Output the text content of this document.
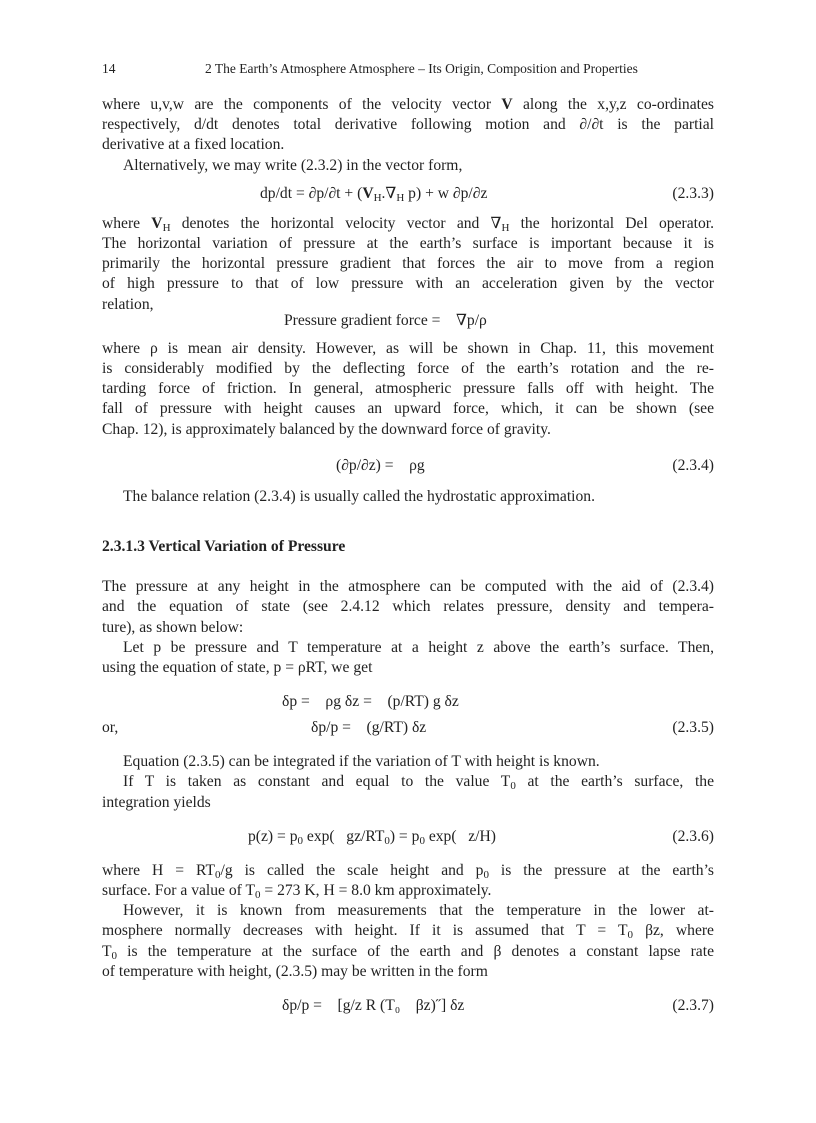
14	2 The Earth’s Atmosphere Atmosphere – Its Origin, Composition and Properties

where u,v,w are the components of the velocity vector V along the x,y,z co-ordinates
respectively, d/dt denotes total derivative following motion and ∂/∂t is the partial
derivative at a fixed location.

Alternatively, we may write (2.3.2) in the vector form,

$dp/dt = \partial p/\partial t + (V_H.\nabla_H$ p) + w ∂p/∂z	(2.3.3)

where $V_H$ denotes the horizontal velocity vector and $\nabla_H$ the horizontal Del operator.
The horizontal variation of pressure at the earth’s surface is important because it is
primarily the horizontal pressure gradient that forces the air to move from a region
of high pressure to that of low pressure with an acceleration given by the vector
relation,

Pressure gradient force =    ∇p/ρ

where ρ is mean air density. However, as will be shown in Chap. 11, this movement
is considerably modified by the deflecting force of the earth’s rotation and the re-
tarding force of friction. In general, atmospheric pressure falls off with height. The
fall of pressure with height causes an upward force, which, it can be shown (see
Chap. 12), is approximately balanced by the downward force of gravity.

(∂p/∂z) =    ρg	(2.3.4)

The balance relation (2.3.4) is usually called the hydrostatic approximation.

2.3.1.3 Vertical Variation of Pressure

The pressure at any height in the atmosphere can be computed with the aid of (2.3.4)
and the equation of state (see 2.4.12 which relates pressure, density and tempera-
ture), as shown below:

Let p be pressure and T temperature at a height z above the earth’s surface. Then,
using the equation of state, p = ρRT, we get

δp =    ρg δz =    (p/RT) g δz
or,	δp/p =    (g/RT) δz	(2.3.5)

Equation (2.3.5) can be integrated if the variation of T with height is known.

If T is taken as constant and equal to the value $T_0$ at the earth’s surface, the
integration yields

$p(z) = p_0$ exp(   $gz/RT_0) = p_0$ exp(   z/H)	(2.3.6)

where $H = RT_0/g$ is called the scale height and $p_0$ is the pressure at the earth’s
surface. For a value of $T_0 = 273$ K, H = 8.0 km approximately.

However, it is known from measurements that the temperature in the lower at-
mosphere normally decreases with height. If it is assumed that $T = T_0$ βz, where
$T_0$ is the temperature at the surface of the earth and β denotes a constant lapse rate
of temperature with height, (2.3.5) may be written in the form

δp/p =    [g/ᴢ R (T₀    βz)˝] δz	(2.3.7)
